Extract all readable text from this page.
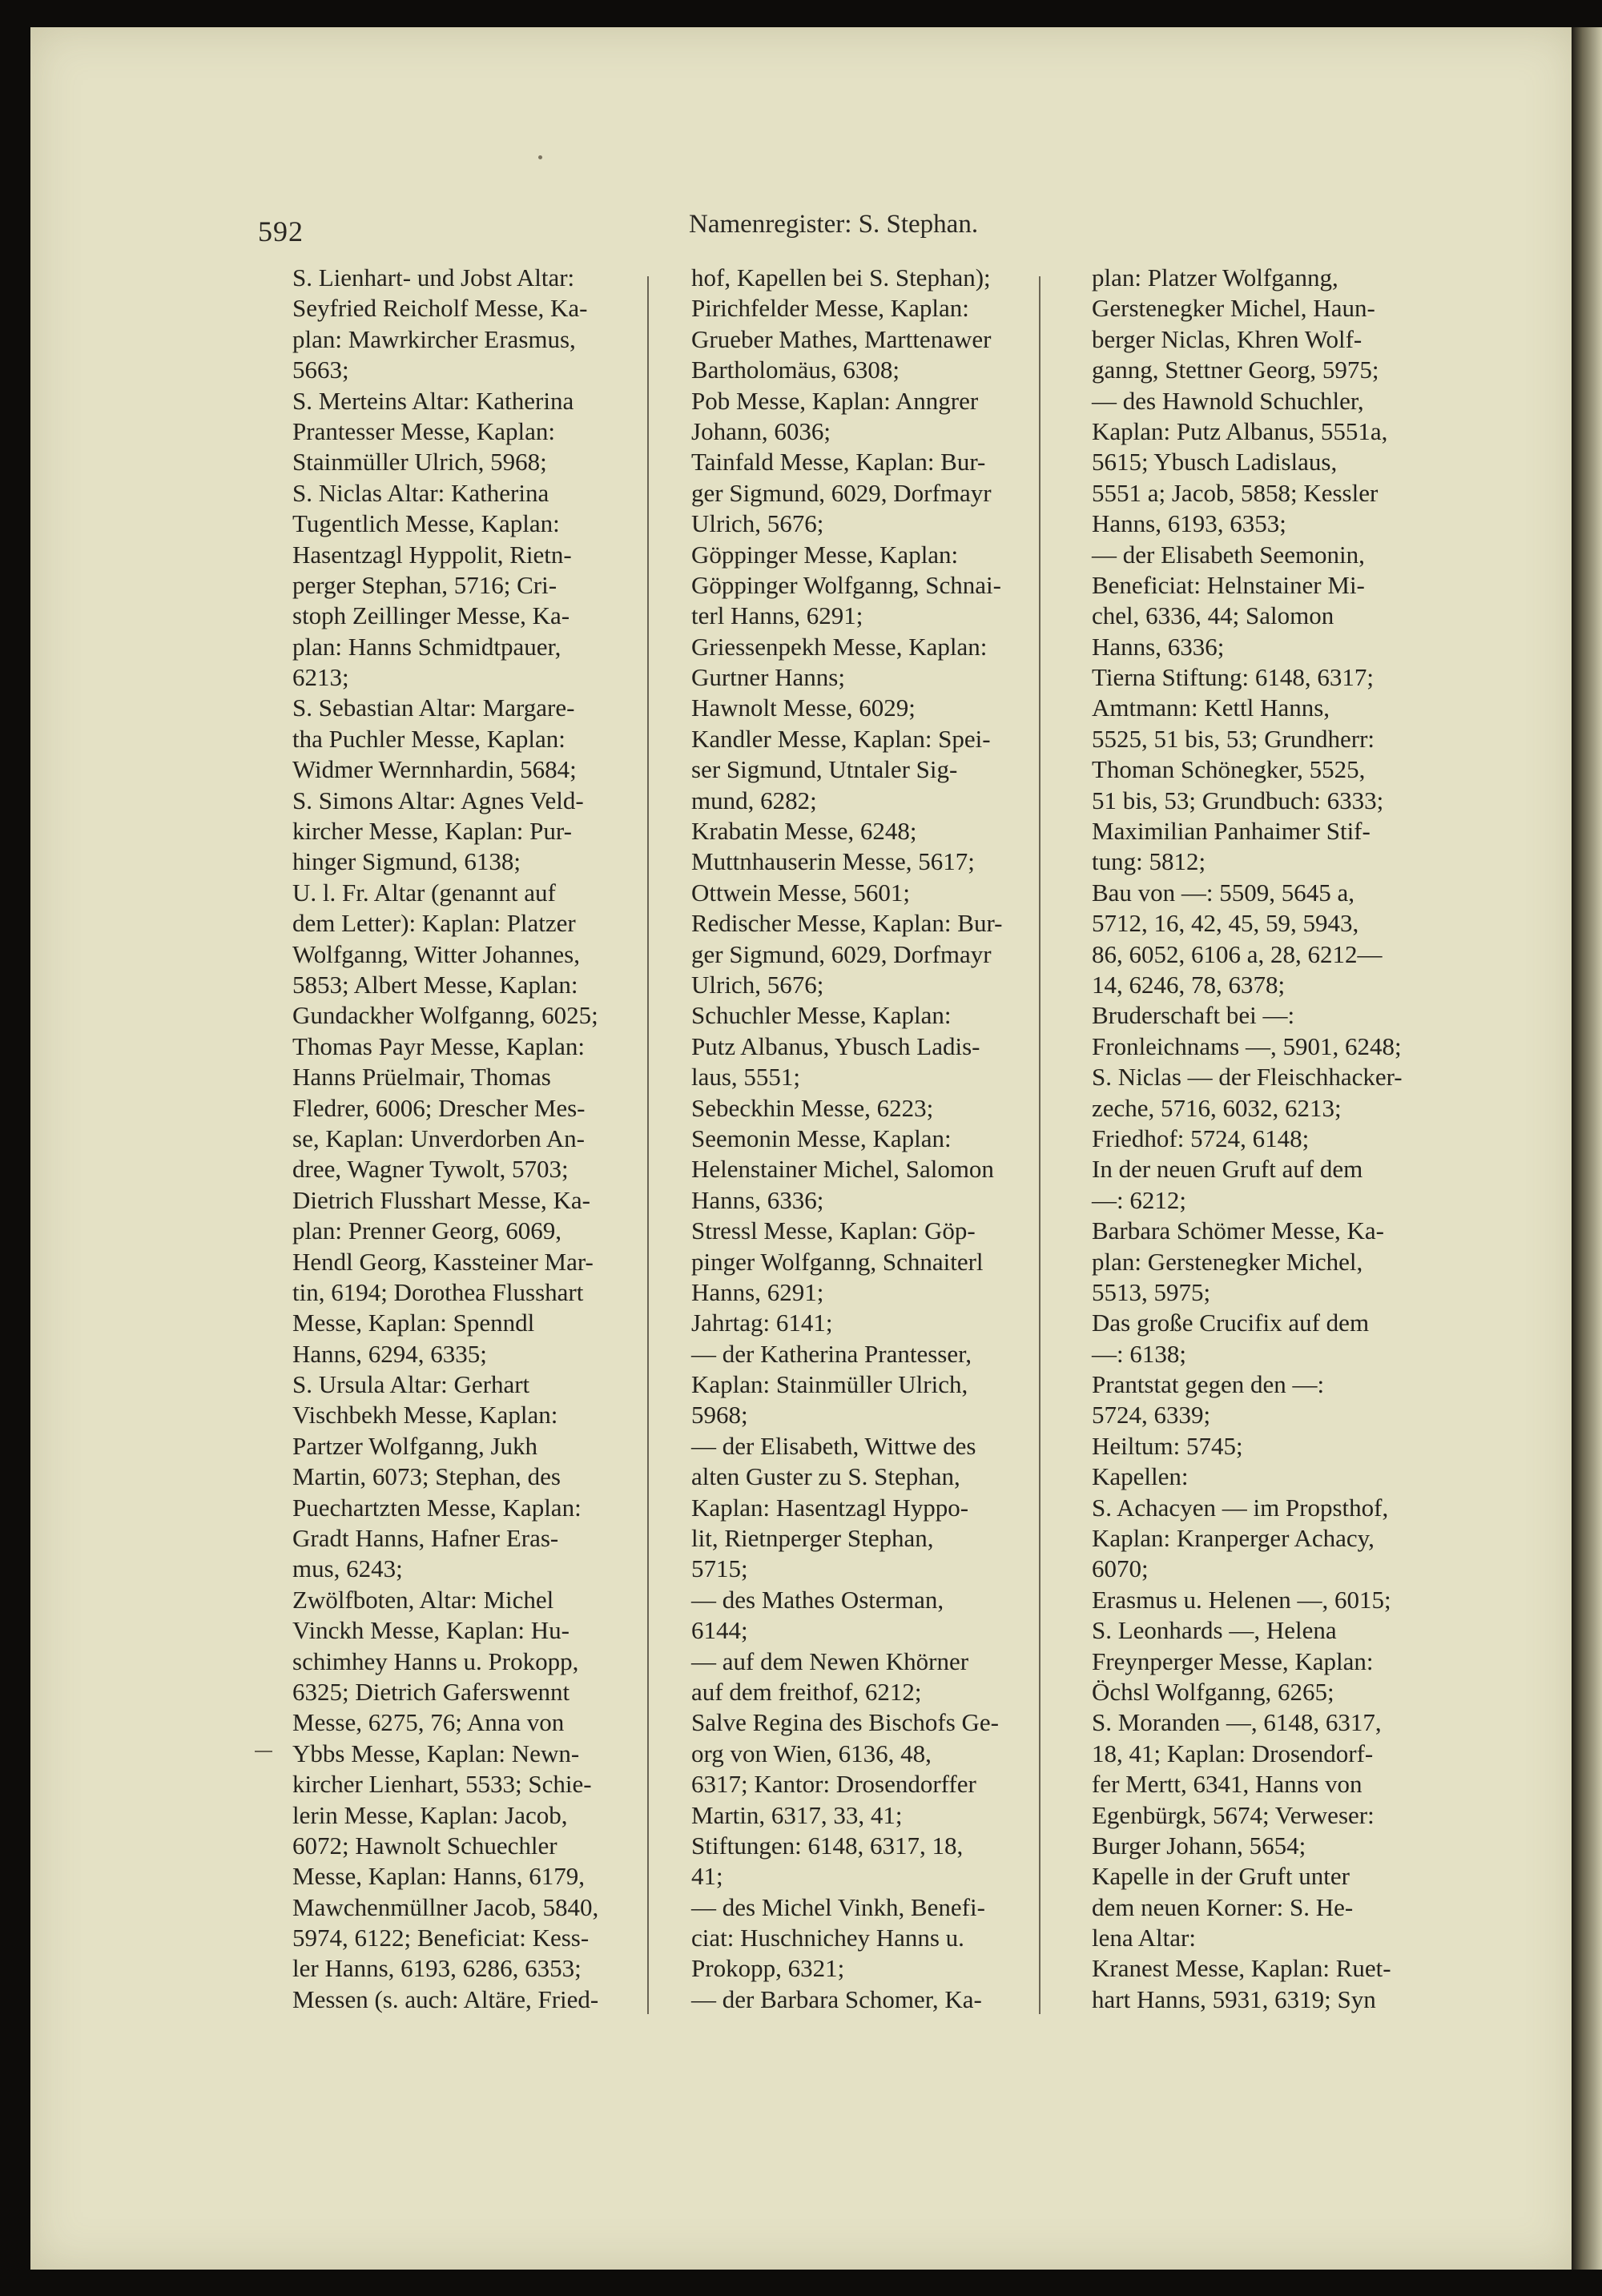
592	Namenregister: S. Stephan.
S. Lienhart- und Jobst Altar:
Seyfried Reicholf Messe, Ka-
plan: Mawrkircher Erasmus,
5663;
S. Merteins Altar: Katherina
Prantesser Messe, Kaplan:
Stainmüller Ulrich, 5968;
S. Niclas Altar: Katherina
Tugentlich Messe, Kaplan:
Hasentzagl Hyppolit, Rietn-
perger Stephan, 5716; Cri-
stoph Zeillinger Messe, Ka-
plan: Hanns Schmidtpauer,
6213;
S. Sebastian Altar: Margare-
tha Puchler Messe, Kaplan:
Widmer Wernnhardin, 5684;
S. Simons Altar: Agnes Veld-
kircher Messe, Kaplan: Pur-
hinger Sigmund, 6138;
U. l. Fr. Altar (genannt auf
dem Letter): Kaplan: Platzer
Wolfganng, Witter Johannes,
5853; Albert Messe, Kaplan:
Gundackher Wolfganng, 6025;
Thomas Payr Messe, Kaplan:
Hanns Prüelmair, Thomas
Fledrer, 6006; Drescher Mes-
se, Kaplan: Unverdorben An-
dree, Wagner Tywolt, 5703;
Dietrich Flusshart Messe, Ka-
plan: Prenner Georg, 6069,
Hendl Georg, Kassteiner Mar-
tin, 6194; Dorothea Flusshart
Messe, Kaplan: Spenndl
Hanns, 6294, 6335;
S. Ursula Altar: Gerhart
Vischbekh Messe, Kaplan:
Partzer Wolfganng, Jukh
Martin, 6073; Stephan, des
Puechartzten Messe, Kaplan:
Gradt Hanns, Hafner Eras-
mus, 6243;
Zwölfboten, Altar: Michel
Vinckh Messe, Kaplan: Hu-
schimhey Hanns u. Prokopp,
6325; Dietrich Gaferswennt
Messe, 6275, 76; Anna von
Ybbs Messe, Kaplan: Newn-
kircher Lienhart, 5533; Schie-
lerin Messe, Kaplan: Jacob,
6072; Hawnolt Schuechler
Messe, Kaplan: Hanns, 6179,
Mawchenmüllner Jacob, 5840,
5974, 6122; Beneficiat: Kess-
ler Hanns, 6193, 6286, 6353;
Messen (s. auch: Altäre, Fried-
hof, Kapellen bei S. Stephan);
Pirichfelder Messe, Kaplan:
Grueber Mathes, Marttenawer
Bartholomäus, 6308;
Pob Messe, Kaplan: Anngrer
Johann, 6036;
Tainfald Messe, Kaplan: Bur-
ger Sigmund, 6029, Dorfmayr
Ulrich, 5676;
Göppinger Messe, Kaplan:
Göppinger Wolfganng, Schnai-
terl Hanns, 6291;
Griessenpekh Messe, Kaplan:
Gurtner Hanns;
Hawnolt Messe, 6029;
Kandler Messe, Kaplan: Spei-
ser Sigmund, Utntaler Sig-
mund, 6282;
Krabatin Messe, 6248;
Muttnhauserin Messe, 5617;
Ottwein Messe, 5601;
Redischer Messe, Kaplan: Bur-
ger Sigmund, 6029, Dorfmayr
Ulrich, 5676;
Schuchler Messe, Kaplan:
Putz Albanus, Ybusch Ladis-
laus, 5551;
Sebeckhin Messe, 6223;
Seemonin Messe, Kaplan:
Helenstainer Michel, Salomon
Hanns, 6336;
Stressl Messe, Kaplan: Göp-
pinger Wolfganng, Schnaiterl
Hanns, 6291;
Jahrtag: 6141;
— der Katherina Prantesser,
Kaplan: Stainmüller Ulrich,
5968;
— der Elisabeth, Wittwe des
alten Guster zu S. Stephan,
Kaplan: Hasentzagl Hyppo-
lit, Rietnperger Stephan,
5715;
— des Mathes Osterman,
6144;
— auf dem Newen Khörner
auf dem freithof, 6212;
Salve Regina des Bischofs Ge-
org von Wien, 6136, 48,
6317; Kantor: Drosendorffer
Martin, 6317, 33, 41;
Stiftungen: 6148, 6317, 18,
41;
— des Michel Vinkh, Benefi-
ciat: Huschnichey Hanns u.
Prokopp, 6321;
— der Barbara Schomer, Ka-
plan: Platzer Wolfganng,
Gerstenegker Michel, Haun-
berger Niclas, Khren Wolf-
ganng, Stettner Georg, 5975;
— des Hawnold Schuchler,
Kaplan: Putz Albanus, 5551a,
5615; Ybusch Ladislaus,
5551 a; Jacob, 5858; Kessler
Hanns, 6193, 6353;
— der Elisabeth Seemonin,
Beneficiat: Helnstainer Mi-
chel, 6336, 44; Salomon
Hanns, 6336;
Tierna Stiftung: 6148, 6317;
Amtmann: Kettl Hanns,
5525, 51 bis, 53; Grundherr:
Thoman Schönegker, 5525,
51 bis, 53; Grundbuch: 6333;
Maximilian Panhaimer Stif-
tung: 5812;
Bau von —: 5509, 5645 a,
5712, 16, 42, 45, 59, 5943,
86, 6052, 6106 a, 28, 6212—
14, 6246, 78, 6378;
Bruderschaft bei —:
Fronleichnams —, 5901, 6248;
S. Niclas — der Fleischhacker-
zeche, 5716, 6032, 6213;
Friedhof: 5724, 6148;
In der neuen Gruft auf dem
—: 6212;
Barbara Schömer Messe, Ka-
plan: Gerstenegker Michel,
5513, 5975;
Das große Crucifix auf dem
—: 6138;
Prantstat gegen den —:
5724, 6339;
Heiltum: 5745;
Kapellen:
S. Achacyen — im Propsthof,
Kaplan: Kranperger Achacy,
6070;
Erasmus u. Helenen —, 6015;
S. Leonhards —, Helena
Freynperger Messe, Kaplan:
Öchsl Wolfganng, 6265;
S. Moranden —, 6148, 6317,
18, 41; Kaplan: Drosendorf-
fer Mertt, 6341, Hanns von
Egenbürgk, 5674; Verweser:
Burger Johann, 5654;
Kapelle in der Gruft unter
dem neuen Korner: S. He-
lena Altar:
Kranest Messe, Kaplan: Ruet-
hart Hanns, 5931, 6319; Syn
